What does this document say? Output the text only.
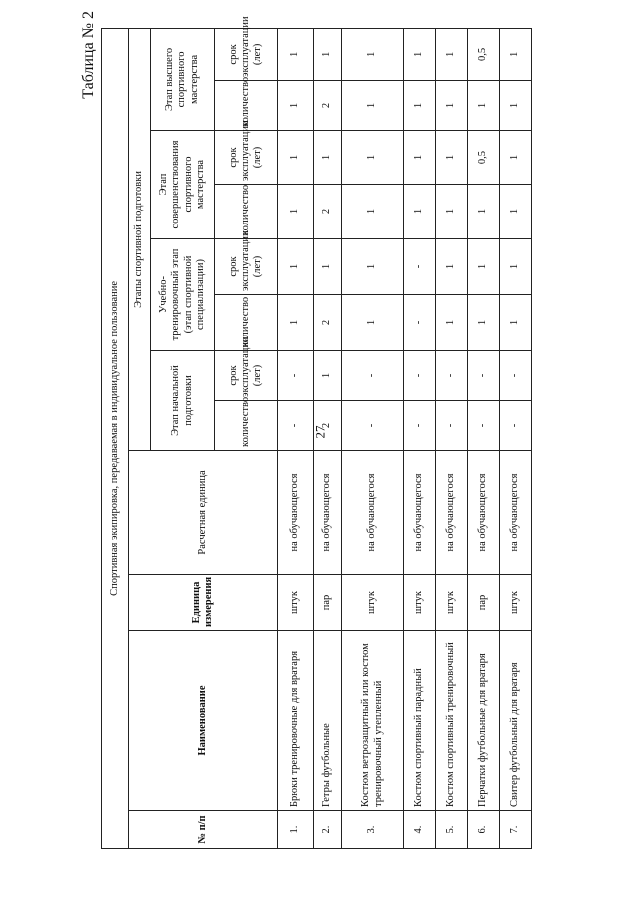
27
Таблица № 2
Спортивная экипировка, передаваемая в индивидуальное пользование											
№ п/п	Наименование	Единица измерения	Расчетная единица	Этапы спортивной подготовки							
				Этап начальной подготовки		Учебно-тренировочный этап (этап спортивной специализации)		Этап совершенствования спортивного мастерства		Этап высшего спортивного мастерства	
				количество	срок эксплуатации (лет)	количество	срок эксплуатации (лет)	количество	срок эксплуатации (лет)	количество	срок эксплуатации (лет)
1.	Брюки тренировочные для вратаря	штук	на обучающегося	-	-	1	1	1	1	1	1
2.	Гетры футбольные	пар	на обучающегося	2	1	2	1	2	1	2	1
3.	Костюм ветрозащитный или костюм тренировочный утепленный	штук	на обучающегося	-	-	1	1	1	1	1	1
4.	Костюм спортивный парадный	штук	на обучающегося	-	-	-	-	1	1	1	1
5.	Костюм спортивный тренировочный	штук	на обучающегося	-	-	1	1	1	1	1	1
6.	Перчатки футбольные для вратаря	пар	на обучающегося	-	-	1	1	1	0,5	1	0,5
7.	Свитер футбольный для вратаря	штук	на обучающегося	-	-	1	1	1	1	1	1
